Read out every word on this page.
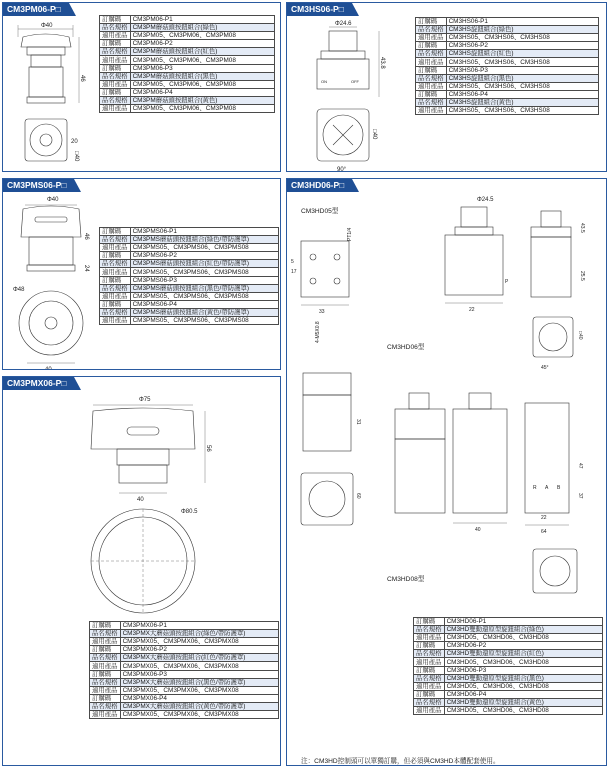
CM3PM06-P□
Φ40
46
20
□40
訂購碼	CM3PM06-P1
品名規格	CM3PM蘑菇頭按鈕組合(綠色)
適用產品	CM3PM05、CM3PM06、CM3PM08
訂購碼	CM3PM06-P2
品名規格	CM3PM蘑菇頭按鈕組合(紅色)
適用產品	CM3PM05、CM3PM06、CM3PM08
訂購碼	CM3PM06-P3
品名規格	CM3PM蘑菇頭按鈕組合(黑色)
適用產品	CM3PM05、CM3PM06、CM3PM08
訂購碼	CM3PM06-P4
品名規格	CM3PM蘑菇頭按鈕組合(黃色)
適用產品	CM3PM05、CM3PM06、CM3PM08
CM3HS06-P□
Φ24.6
ON	OFF
43.8
□40
90°
訂購碼	CM3HS06-P1
品名規格	CM3HS旋鈕組合(綠色)
適用產品	CM3HS05、CM3HS06、CM3HS08
訂購碼	CM3HS06-P2
品名規格	CM3HS旋鈕組合(紅色)
適用產品	CM3HS05、CM3HS06、CM3HS08
訂購碼	CM3HS06-P3
品名規格	CM3HS旋鈕組合(黑色)
適用產品	CM3HS05、CM3HS06、CM3HS08
訂購碼	CM3HS06-P4
品名規格	CM3HS旋鈕組合(黃色)
適用產品	CM3HS05、CM3HS06、CM3HS08
CM3PMS06-P□
Φ40
46
24
Φ48
40
訂購碼	CM3PMS06-P1
品名規格	CM3PMS蘑菇頭按鈕組合(綠色/帶防護罩)
適用產品	CM3PMS05、CM3PMS06、CM3PMS08
訂購碼	CM3PMS06-P2
品名規格	CM3PMS蘑菇頭按鈕組合(紅色/帶防護罩)
適用產品	CM3PMS05、CM3PMS06、CM3PMS08
訂購碼	CM3PMS06-P3
品名規格	CM3PMS蘑菇頭按鈕組合(黑色/帶防護罩)
適用產品	CM3PMS05、CM3PMS06、CM3PMS08
訂購碼	CM3PMS06-P4
品名規格	CM3PMS蘑菇頭按鈕組合(黃色/帶防護罩)
適用產品	CM3PMS05、CM3PMS06、CM3PMS08
CM3PMX06-P□
Φ75
56
40
Φ80.5
訂購碼	CM3PMX06-P1
品名規格	CM3PMX大蘑菇頭按鈕組合(綠色/帶防護罩)
適用產品	CM3PMX05、CM3PMX06、CM3PMX08
訂購碼	CM3PMX06-P2
品名規格	CM3PMX大蘑菇頭按鈕組合(紅色/帶防護罩)
適用產品	CM3PMX05、CM3PMX06、CM3PMX08
訂購碼	CM3PMX06-P3
品名規格	CM3PMX大蘑菇頭按鈕組合(黑色/帶防護罩)
適用產品	CM3PMX05、CM3PMX06、CM3PMX08
訂購碼	CM3PMX06-P4
品名規格	CM3PMX大蘑菇頭按鈕組合(黃色/帶防護罩)
適用產品	CM3PMX05、CM3PMX06、CM3PMX08
CM3HD06-P□
CM3HD05型
CM3HD06型
CM3HD08型
PT1/4
17
5
33
4-M5X0.8
Φ24.5
P
22
ON	OFF
43.5
25.5
□40
45°
31
60
40
R A B
47
37
64
22
訂購碼	CM3HD06-P1
品名規格	CM3HD雙動還原型旋鈕組合(綠色)
適用產品	CM3HD05、CM3HD06、CM3HD08
訂購碼	CM3HD06-P2
品名規格	CM3HD雙動還原型旋鈕組合(紅色)
適用產品	CM3HD05、CM3HD06、CM3HD08
訂購碼	CM3HD06-P3
品名規格	CM3HD雙動還原型旋鈕組合(黑色)
適用產品	CM3HD05、CM3HD06、CM3HD08
訂購碼	CM3HD06-P4
品名規格	CM3HD雙動還原型旋鈕組合(黃色)
適用產品	CM3HD05、CM3HD06、CM3HD08
注：CM3HD控制頭可以單獨訂購，但必須與CM3HD本體配套使用。
